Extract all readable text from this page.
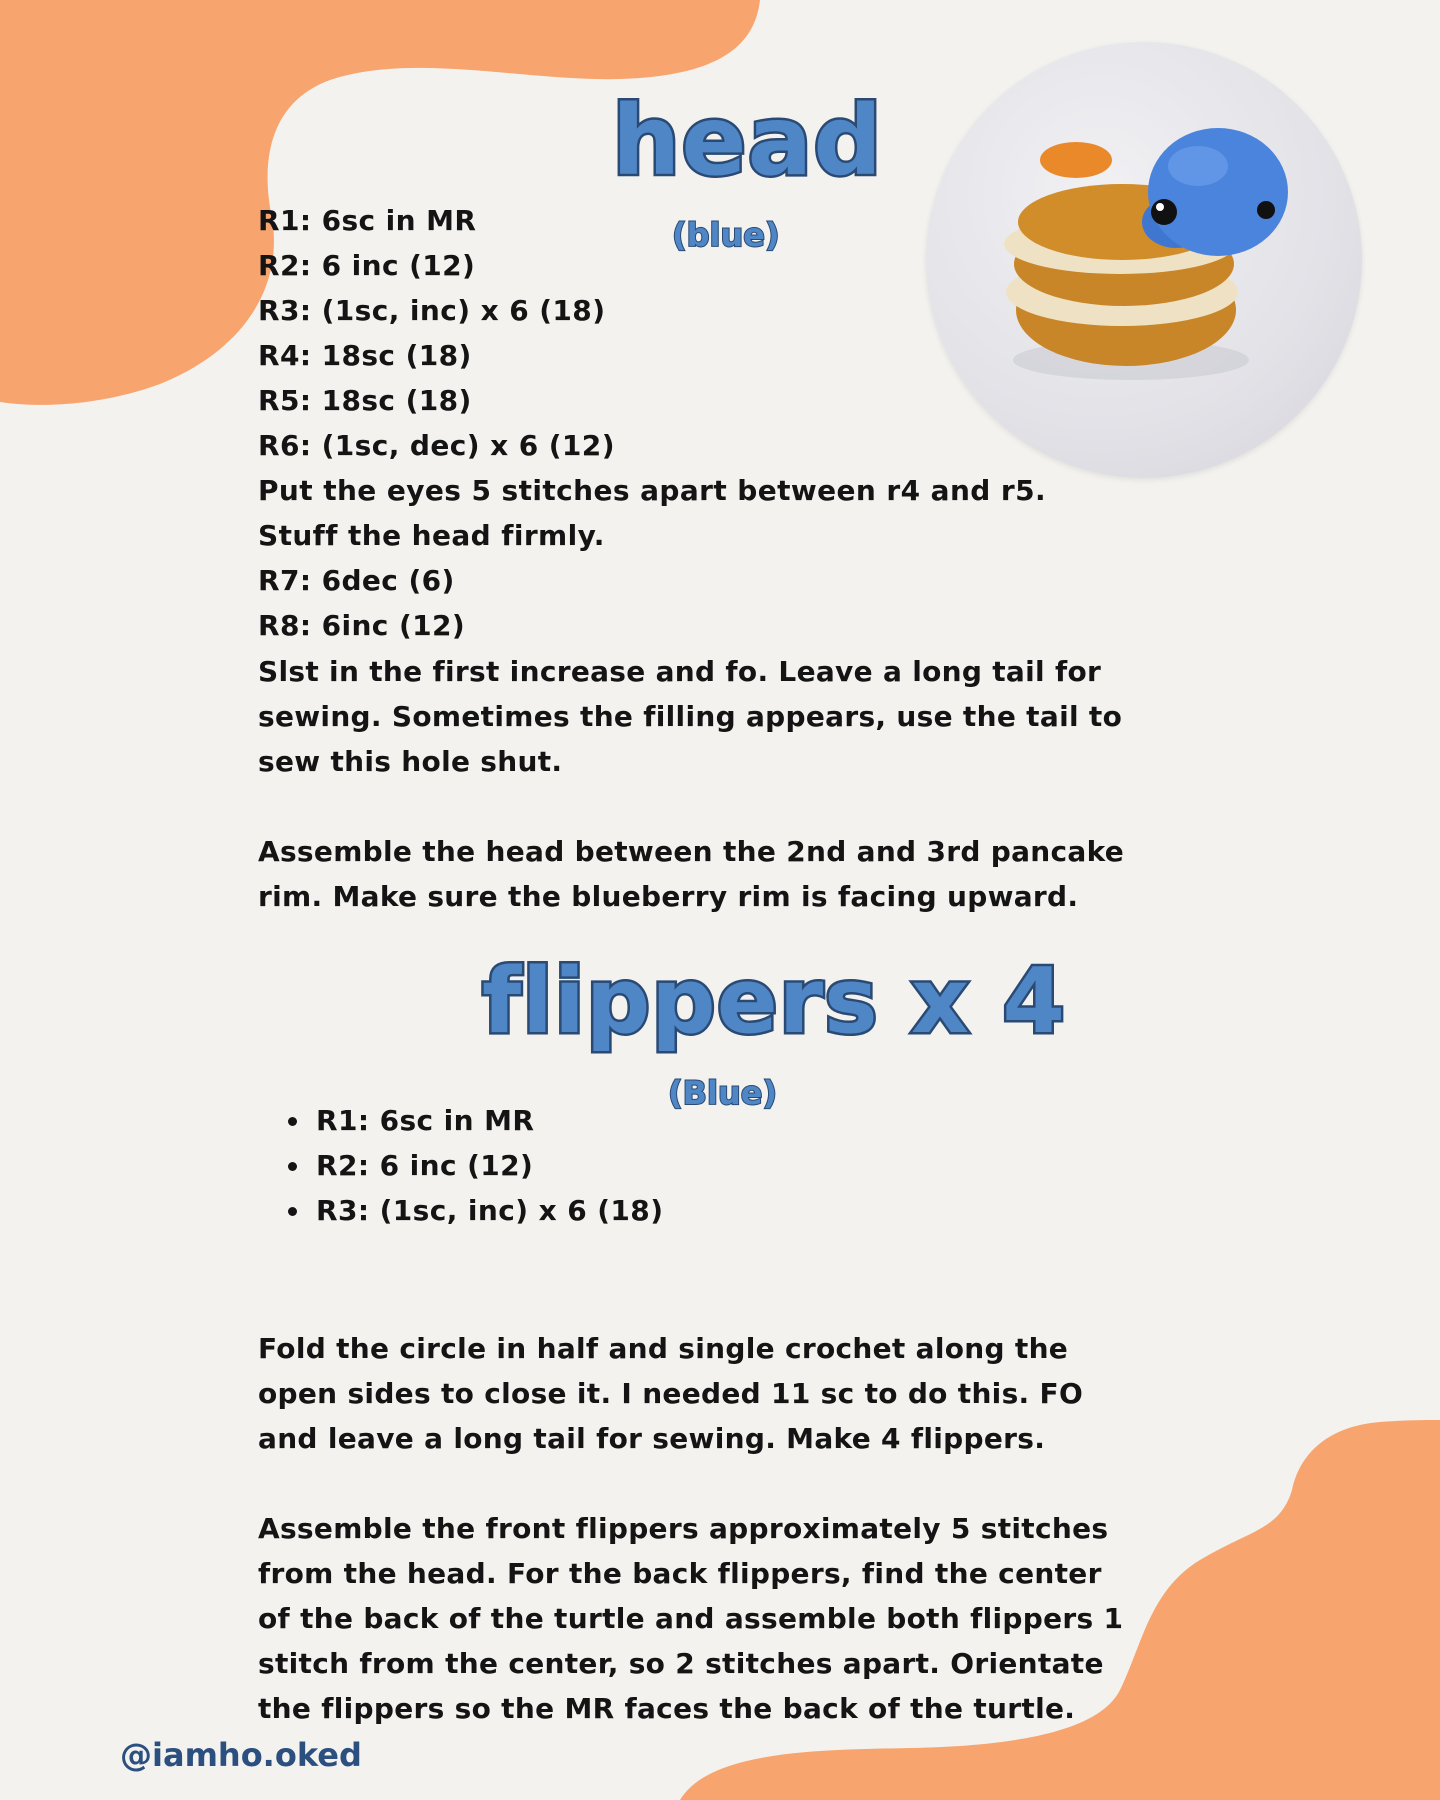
head
(blue)
R1: 6sc in MR
R2: 6 inc (12)
R3: (1sc, inc) x 6 (18)
R4: 18sc (18)
R5: 18sc (18)
R6: (1sc, dec) x 6 (12)
Put the eyes 5 stitches apart between r4 and r5.
Stuff the head firmly.
R7: 6dec (6)
R8: 6inc (12)

Slst in the first increase and fo. Leave a long tail for sewing. Sometimes the filling appears, use the tail to sew this hole shut.

Assemble the head between the 2nd and 3rd pancake rim. Make sure the blueberry rim is facing upward.

flippers x 4
(Blue)
• R1: 6sc in MR
• R2: 6 inc (12)
• R3: (1sc, inc) x 6 (18)

Fold the circle in half and single crochet along the open sides to close it. I needed 11 sc to do this. FO and leave a long tail for sewing. Make 4 flippers.

Assemble the front flippers approximately 5 stitches from the head. For the back flippers, find the center of the back of the turtle and assemble both flippers 1 stitch from the center, so 2 stitches apart. Orientate the flippers so the MR faces the back of the turtle.

@iamho.oked
